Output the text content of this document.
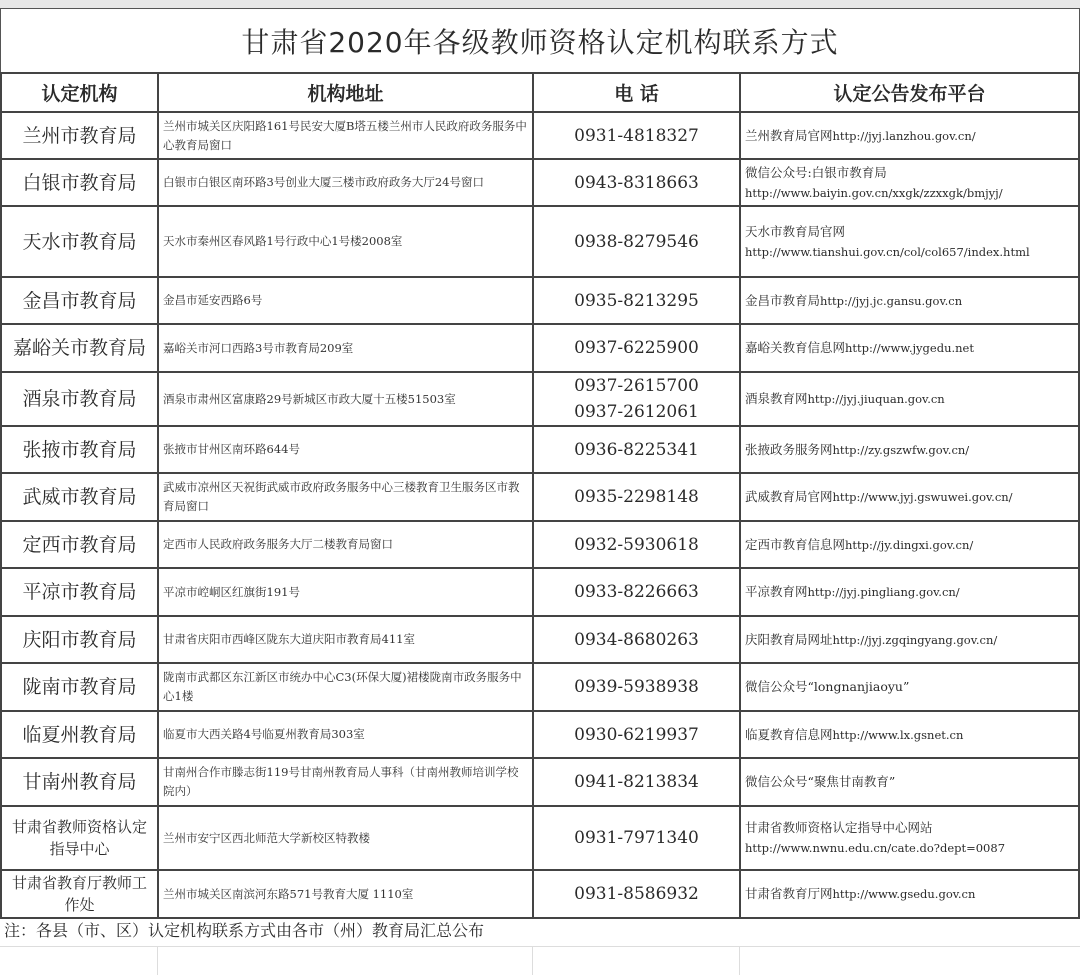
甘肃省2020年各级教师资格认定机构联系方式
认定机构	机构地址	电 话	认定公告发布平台
兰州市教育局	兰州市城关区庆阳路161号民安大厦B塔五楼兰州市人民政府政务服务中心教育局窗口	0931-4818327	兰州教育局官网http://jyj.lanzhou.gov.cn/
白银市教育局	白银市白银区南环路3号创业大厦三楼市政府政务大厅24号窗口	0943-8318663	微信公众号:白银市教育局
http://www.baiyin.gov.cn/xxgk/zzxxgk/bmjyj/
天水市教育局	天水市秦州区春风路1号行政中心1号楼2008室	0938-8279546	天水市教育局官网
http://www.tianshui.gov.cn/col/col657/index.html
金昌市教育局	金昌市延安西路6号	0935-8213295	金昌市教育局http://jyj.jc.gansu.gov.cn
嘉峪关市教育局	嘉峪关市河口西路3号市教育局209室	0937-6225900	嘉峪关教育信息网http://www.jygedu.net
酒泉市教育局	酒泉市肃州区富康路29号新城区市政大厦十五楼51503室	0937-2615700
0937-2612061	酒泉教育网http://jyj.jiuquan.gov.cn
张掖市教育局	张掖市甘州区南环路644号	0936-8225341	张掖政务服务网http://zy.gszwfw.gov.cn/
武威市教育局	武威市凉州区天祝街武威市政府政务服务中心三楼教育卫生服务区市教育局窗口	0935-2298148	武威教育局官网http://www.jyj.gswuwei.gov.cn/
定西市教育局	定西市人民政府政务服务大厅二楼教育局窗口	0932-5930618	定西市教育信息网http://jy.dingxi.gov.cn/
平凉市教育局	平凉市崆峒区红旗街191号	0933-8226663	平凉教育网http://jyj.pingliang.gov.cn/
庆阳市教育局	甘肃省庆阳市西峰区陇东大道庆阳市教育局411室	0934-8680263	庆阳教育局网址http://jyj.zgqingyang.gov.cn/
陇南市教育局	陇南市武都区东江新区市统办中心C3(环保大厦)裙楼陇南市政务服务中心1楼	0939-5938938	微信公众号“longnanjiaoyu”
临夏州教育局	临夏市大西关路4号临夏州教育局303室	0930-6219937	临夏教育信息网http://www.lx.gsnet.cn
甘南州教育局	甘南州合作市滕志街119号甘南州教育局人事科（甘南州教师培训学校院内）	0941-8213834	微信公众号“聚焦甘南教育”
甘肃省教师资格认定指导中心	兰州市安宁区西北师范大学新校区特教楼	0931-7971340	甘肃省教师资格认定指导中心网站
http://www.nwnu.edu.cn/cate.do?dept=0087
甘肃省教育厅教师工作处	兰州市城关区南滨河东路571号教育大厦 1110室	0931-8586932	甘肃省教育厅网http://www.gsedu.gov.cn
注：各县（市、区）认定机构联系方式由各市（州）教育局汇总公布
